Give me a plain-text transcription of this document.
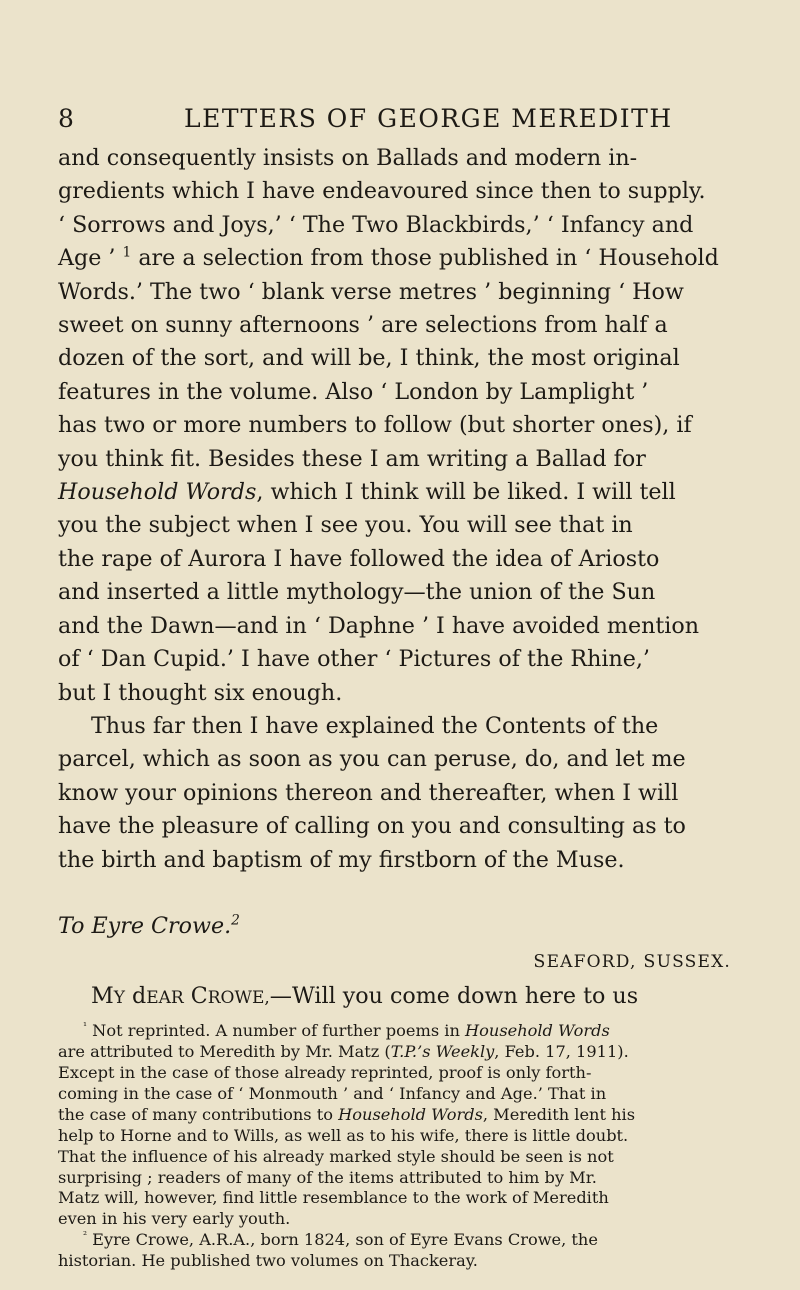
8	LETTERS OF GEORGE MEREDITH
and consequently insists on Ballads and modern in-
gredients which I have endeavoured since then to supply.
‘ Sorrows and Joys,’ ‘ The Two Blackbirds,’ ‘ Infancy and
Age ’ $^1$ are a selection from those published in ‘ Household
Words.’ The two ‘ blank verse metres ’ beginning ‘ How
sweet on sunny afternoons ’ are selections from half a
dozen of the sort, and will be, I think, the most original
features in the volume. Also ‘ London by Lamplight ’
has two or more numbers to follow (but shorter ones), if
you think fit. Besides these I am writing a Ballad for
Household Words, which I think will be liked. I will tell
you the subject when I see you. You will see that in
the rape of Aurora I have followed the idea of Ariosto
and inserted a little mythology—the union of the Sun
and the Dawn—and in ‘ Daphne ’ I have avoided mention
of ‘ Dan Cupid.’ I have other ‘ Pictures of the Rhine,’
but I thought six enough.
Thus far then I have explained the Contents of the
parcel, which as soon as you can peruse, do, and let me
know your opinions thereon and thereafter, when I will
have the pleasure of calling on you and consulting as to
the birth and baptism of my firstborn of the Muse.
To Eyre Crowe.$^2$
SEAFORD, SUSSEX.
MY dEAR CROWE,—Will you come down here to us
$^{^1}$ Not reprinted. A number of further poems in Household Words
are attributed to Meredith by Mr. Matz (T.P.’s Weekly, Feb. 17, 1911).
Except in the case of those already reprinted, proof is only forth-
coming in the case of ‘ Monmouth ’ and ‘ Infancy and Age.’ That in
the case of many contributions to Household Words, Meredith lent his
help to Horne and to Wills, as well as to his wife, there is little doubt.
That the influence of his already marked style should be seen is not
surprising ; readers of many of the items attributed to him by Mr.
Matz will, however, find little resemblance to the work of Meredith
even in his very early youth.
$^{^2}$ Eyre Crowe, A.R.A., born 1824, son of Eyre Evans Crowe, the
historian. He published two volumes on Thackeray.
